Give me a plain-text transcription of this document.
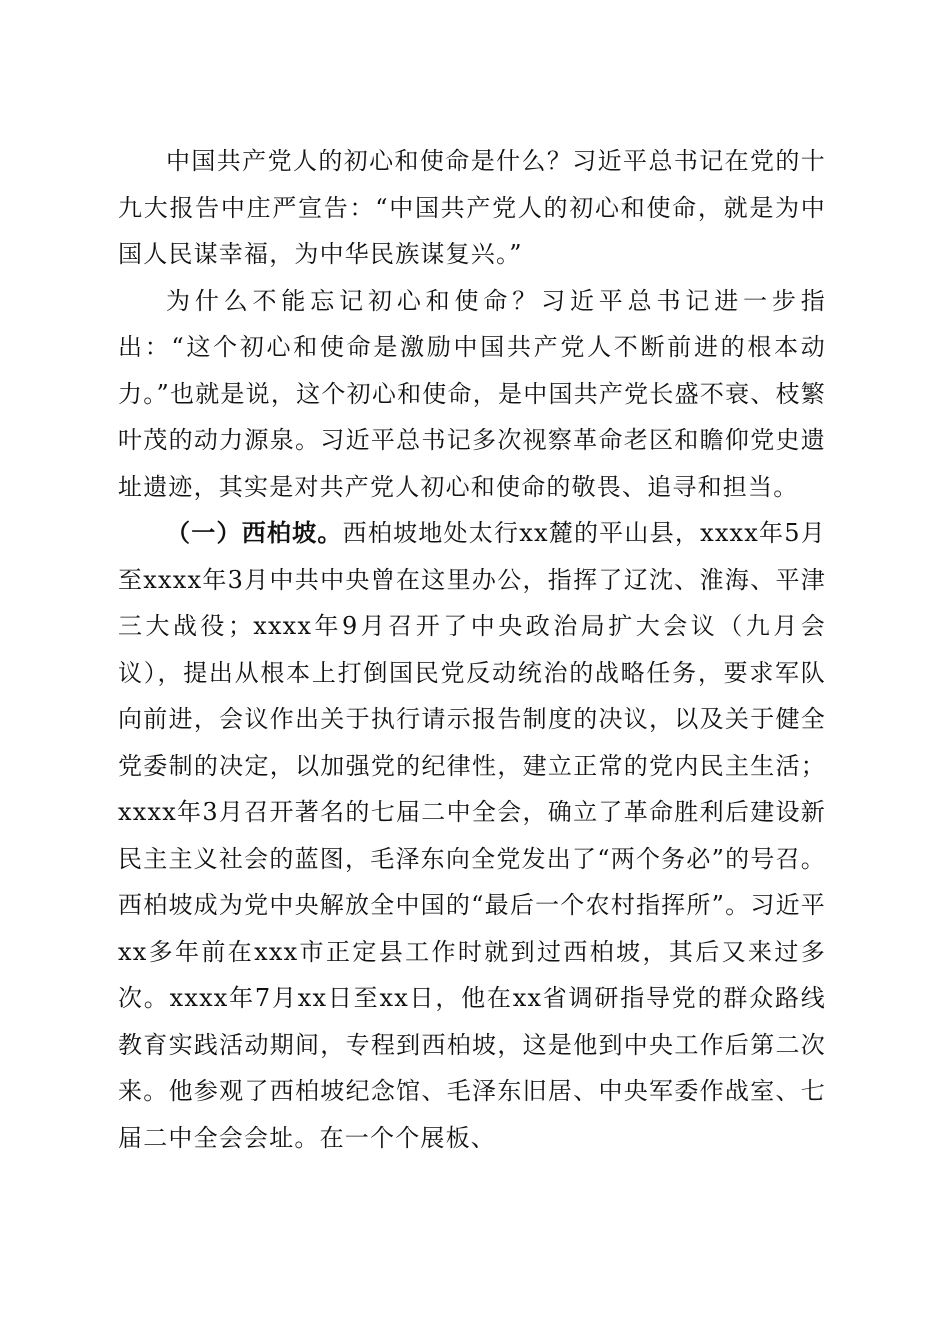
中国共产党人的初心和使命是什么？习近平总书记在党的十九大报告中庄严宣告：“中国共产党人的初心和使命，就是为中国人民谋幸福，为中华民族谋复兴。”

为什么不能忘记初心和使命？习近平总书记进一步指出：“这个初心和使命是激励中国共产党人不断前进的根本动力。”也就是说，这个初心和使命，是中国共产党长盛不衰、枝繁叶茂的动力源泉。习近平总书记多次视察革命老区和瞻仰党史遗址遗迹，其实是对共产党人初心和使命的敬畏、追寻和担当。

（一）西柏坡。西柏坡地处太行xx麓的平山县，xxxx年5月至xxxx年3月中共中央曾在这里办公，指挥了辽沈、淮海、平津三大战役；xxxx年9月召开了中央政治局扩大会议（九月会议），提出从根本上打倒国民党反动统治的战略任务，要求军队向前进，会议作出关于执行请示报告制度的决议，以及关于健全党委制的决定，以加强党的纪律性，建立正常的党内民主生活；xxxx年3月召开著名的七届二中全会，确立了革命胜利后建设新民主主义社会的蓝图，毛泽东向全党发出了“两个务必”的号召。西柏坡成为党中央解放全中国的“最后一个农村指挥所”。习近平xx多年前在xxx市正定县工作时就到过西柏坡，其后又来过多次。xxxx年7月xx日至xx日，他在xx省调研指导党的群众路线教育实践活动期间，专程到西柏坡，这是他到中央工作后第二次来。他参观了西柏坡纪念馆、毛泽东旧居、中央军委作战室、七届二中全会会址。在一个个展板、
